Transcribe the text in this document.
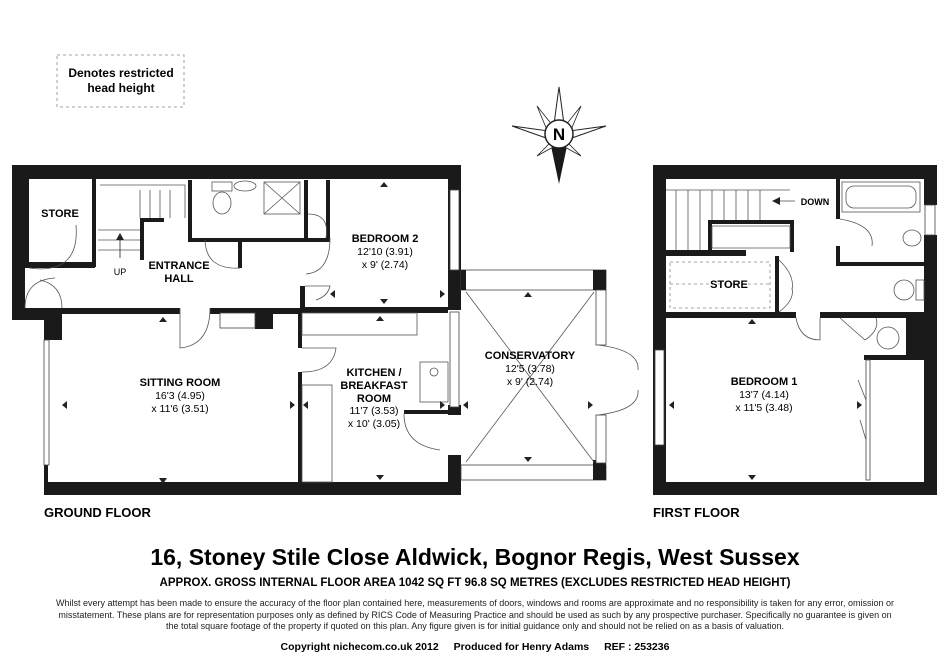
Denotes restricted
head height
N
STORE
ENTRANCE
HALL
UP
BEDROOM 2
12'10 (3.91)
x 9' (2.74)
SITTING ROOM
16'3 (4.95)
x 11'6 (3.51)
KITCHEN /
BREAKFAST
ROOM
11'7 (3.53)
x 10' (3.05)
CONSERVATORY
12'5 (3.78)
x 9' (2.74)
GROUND FLOOR
DOWN
STORE
BEDROOM 1
13'7 (4.14)
x 11'5 (3.48)
FIRST FLOOR
16, Stoney Stile Close Aldwick, Bognor Regis, West Sussex
APPROX. GROSS INTERNAL FLOOR AREA 1042 SQ FT 96.8 SQ METRES (EXCLUDES RESTRICTED HEAD HEIGHT)
Whilst every attempt has been made to ensure the accuracy of the floor plan contained here, measurements of doors, windows and rooms are approximate and no responsibility is taken for any error, omission or misstatement. These plans are for representation purposes only as defined by RICS Code of Measuring Practice and should be used as such by any prospective purchaser. Specifically no guarantee is given on the total square footage of the property if quoted on this plan. Any figure given is for initial guidance only and should not be relied on as a basis of valuation.
Copyright nichecom.co.uk 2012 Produced for Henry Adams REF : 253236
